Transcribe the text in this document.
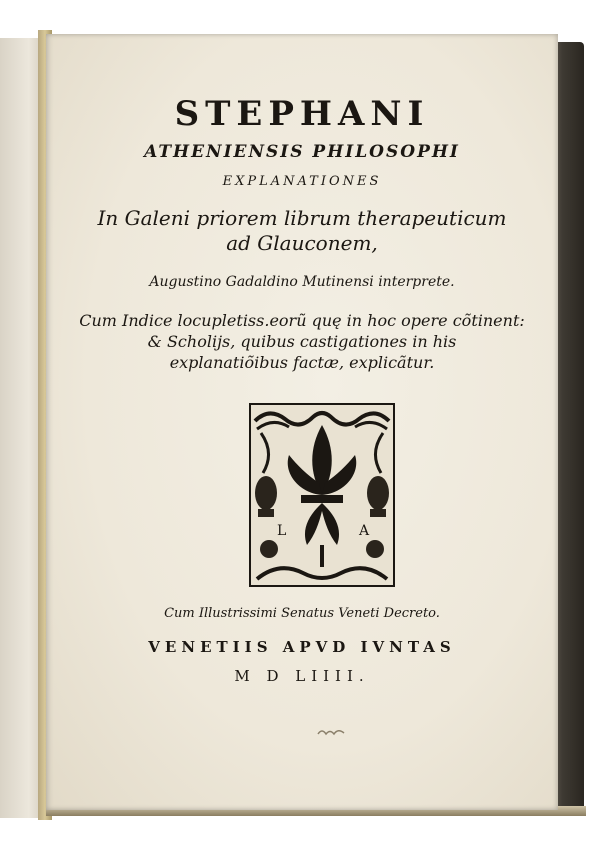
STEPHANI
ATHENIENSIS PHILOSOPHI
EXPLANATIONES
In Galeni priorem librum therapeuticum
ad Glauconem,
Augustino Gadaldino Mutinensi interprete.
Cum Indice locupletiss.eorũ quę in hoc opere cõtinent:
& Scholijs, quibus castigationes in his
explanatiõibus factæ, explicãtur.
L	A
Cum Illustrissimi Senatus Veneti Decreto.
VENETIIS APVD IVNTAS
M D LIIII.
